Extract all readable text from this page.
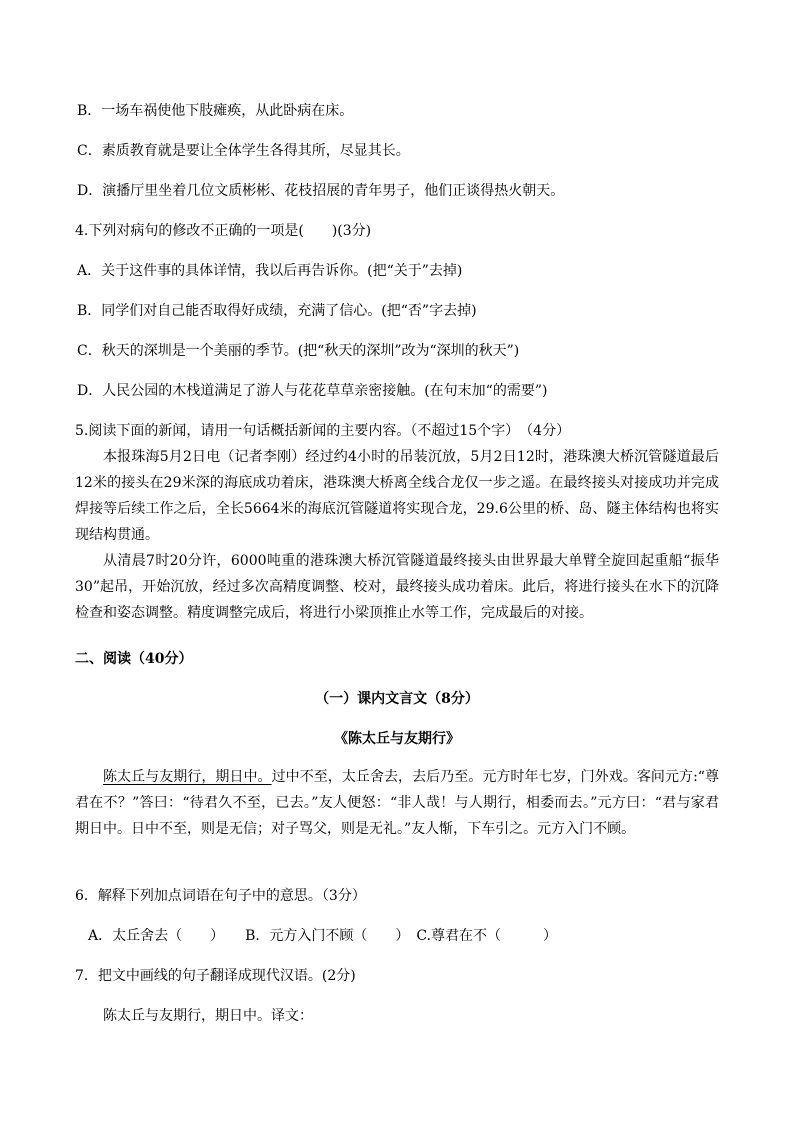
B．一场车祸使他下肢瘫痪，从此卧病在床。
C．素质教育就是要让全体学生各得其所，尽显其长。
D．演播厅里坐着几位文质彬彬、花枝招展的青年男子，他们正谈得热火朝天。
4.下列对病句的修改不正确的一项是(　　)(3分)
A．关于这件事的具体详情，我以后再告诉你。(把“关于”去掉)
B．同学们对自己能否取得好成绩，充满了信心。(把“否”字去掉)
C．秋天的深圳是一个美丽的季节。(把“秋天的深圳”改为“深圳的秋天”)
D．人民公园的木栈道满足了游人与花花草草亲密接触。(在句末加“的需要”)
5.阅读下面的新闻，请用一句话概括新闻的主要内容。（不超过15个字）　（4分）

本报珠海5月2日电（记者李刚）经过约4小时的吊装沉放，5月2日12时，港珠澳大桥沉管隧道最后12米的接头在29米深的海底成功着床，港珠澳大桥离全线合龙仅一步之遥。在最终接头对接成功并完成焊接等后续工作之后，全长5664米的海底沉管隧道将实现合龙，29.6公里的桥、岛、隧主体结构也将实现结构贯通。

从清晨7时20分许，6000吨重的港珠澳大桥沉管隧道最终接头由世界最大单臂全旋回起重船“振华30”起吊，开始沉放，经过多次高精度调整、校对，最终接头成功着床。此后，将进行接头在水下的沉降检查和姿态调整。精度调整完成后，将进行小梁顶推止水等工作，完成最后的对接。

二、阅读（40分）
（一）课内文言文（8分）
《陈太丘与友期行》

陈太丘与友期行，期日中。过中不至，太丘舍去，去后乃至。元方时年七岁，门外戏。客问元方:“尊君在不？”答曰：“待君久不至，已去。”友人便怒：“非人哉！与人期行，相委而去。”元方曰：“君与家君期日中。日中不至，则是无信；对子骂父，则是无礼。”友人惭，下车引之。元方入门不顾。

6．解释下列加点词语在句子中的意思。（3分）
A．太丘舍去（　　）　　B．元方入门不顾（　　）　C.尊君在不（　　　）
7．把文中画线的句子翻译成现代汉语。(2分)
陈太丘与友期行，期日中。译文：
